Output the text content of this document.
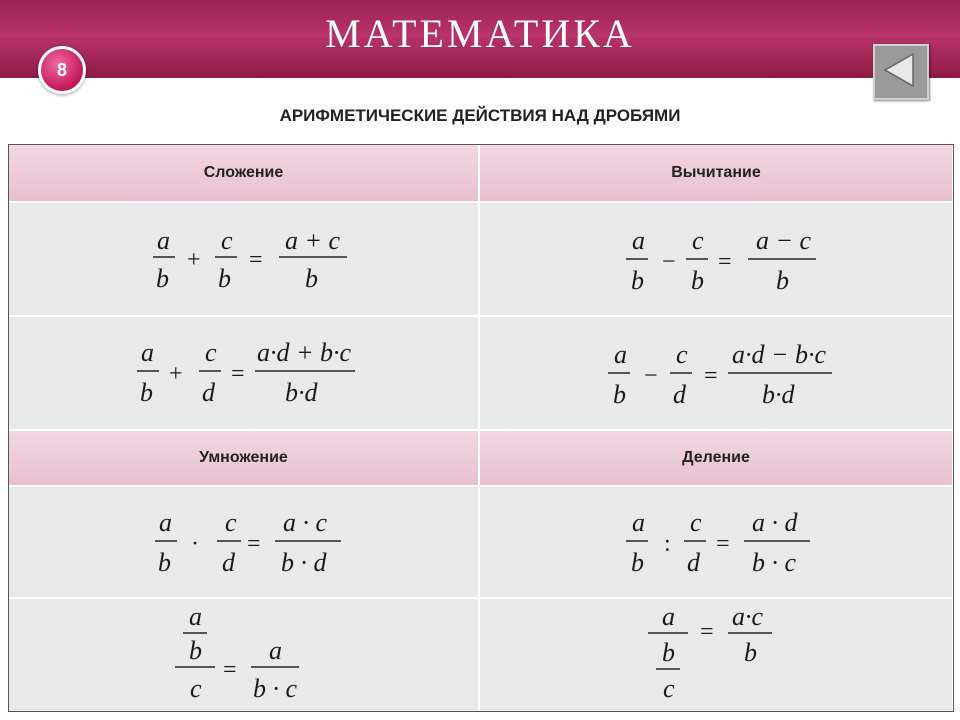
МАТЕМАТИКА
8
АРИФМЕТИЧЕСКИЕ ДЕЙСТВИЯ НАД ДРОБЯМИ
Сложение	Вычитание
a
b
+
c
b
=
a + c
b
a
b
−
c
b
=
a − c
b
a
b
+
c
d
=
a·d + b·c
b·d
a
b
−
c
d
=
a·d − b·c
b·d
Умножение	Деление
a
b
·
c
d
=
a · c
b · d
a
b
:
c
d
=
a · d
b · c
a
b
c
=
a
b · c
a
b
c
=
a·c
b
